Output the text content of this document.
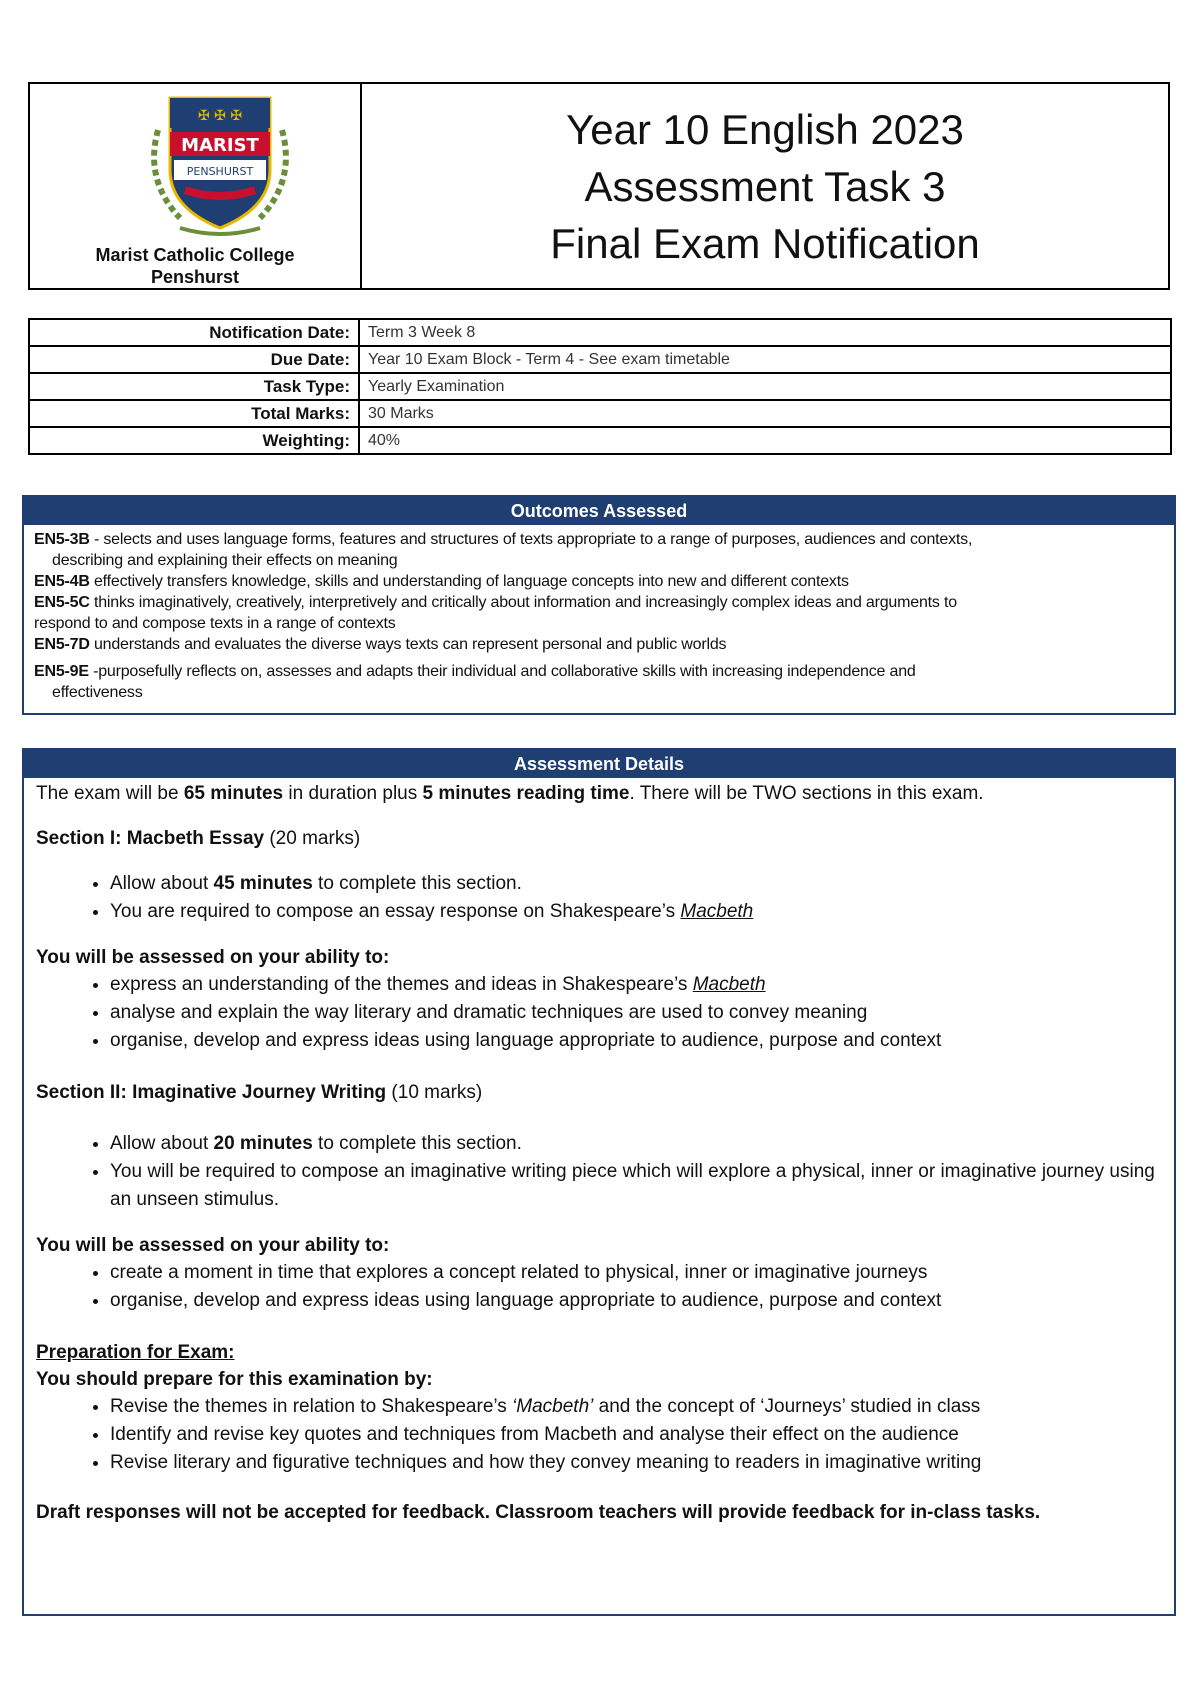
✠ ✠ ✠
MARIST
PENSHURST
Marist Catholic College
Penshurst
Year 10 English 2023
Assessment Task 3
Final Exam Notification
Notification Date:	Term 3 Week 8
Due Date:	Year 10 Exam Block - Term 4 - See exam timetable
Task Type:	Yearly Examination
Total Marks:	30 Marks
Weighting:	40%
Outcomes Assessed
EN5-3B - selects and uses language forms, features and structures of texts appropriate to a range of purposes, audiences and contexts,
describing and explaining their effects on meaning
EN5-4B effectively transfers knowledge, skills and understanding of language concepts into new and different contexts
EN5-5C thinks imaginatively, creatively, interpretively and critically about information and increasingly complex ideas and arguments to
respond to and compose texts in a range of contexts
EN5-7D understands and evaluates the diverse ways texts can represent personal and public worlds
EN5-9E -purposefully reflects on, assesses and adapts their individual and collaborative skills with increasing independence and
effectiveness
Assessment Details

The exam will be 65 minutes in duration plus 5 minutes reading time. There will be TWO sections in this exam.

Section I: Macbeth Essay (20 marks)

• Allow about 45 minutes to complete this section.
• You are required to compose an essay response on Shakespeare’s Macbeth

You will be assessed on your ability to:

• express an understanding of the themes and ideas in Shakespeare’s Macbeth
• analyse and explain the way literary and dramatic techniques are used to convey meaning
• organise, develop and express ideas using language appropriate to audience, purpose and context

Section II: Imaginative Journey Writing (10 marks)

• Allow about 20 minutes to complete this section.
• You will be required to compose an imaginative writing piece which will explore a physical, inner or imaginative journey using an unseen stimulus.

You will be assessed on your ability to:

• create a moment in time that explores a concept related to physical, inner or imaginative journeys
• organise, develop and express ideas using language appropriate to audience, purpose and context

Preparation for Exam:

You should prepare for this examination by:

• Revise the themes in relation to Shakespeare’s ‘Macbeth’ and the concept of ‘Journeys’ studied in class
• Identify and revise key quotes and techniques from Macbeth and analyse their effect on the audience
• Revise literary and figurative techniques and how they convey meaning to readers in imaginative writing

Draft responses will not be accepted for feedback. Classroom teachers will provide feedback for in-class tasks.
